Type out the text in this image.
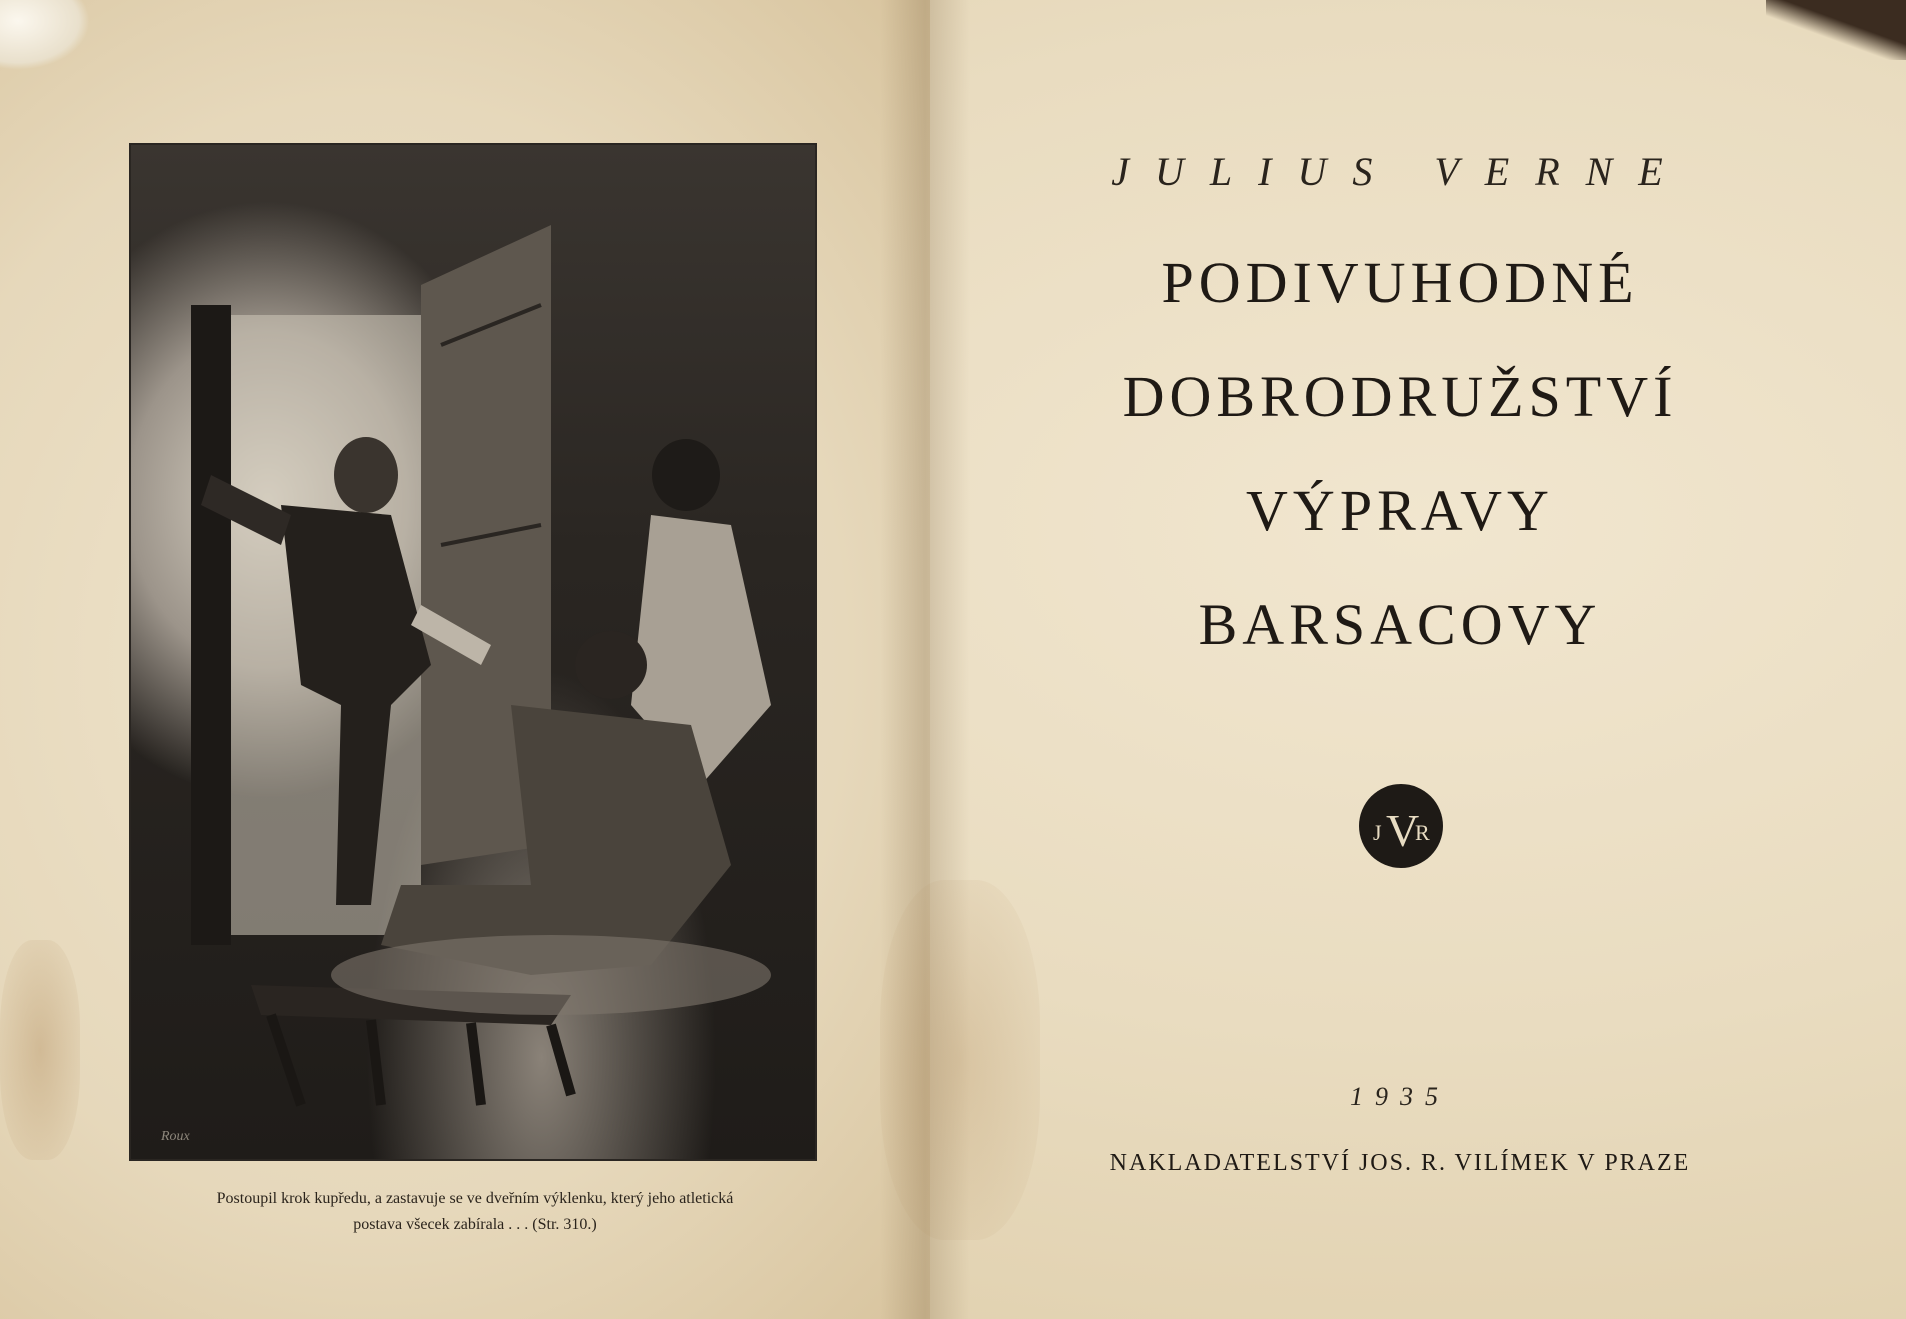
Roux
Postoupil krok kupředu, a zastavuje se ve dveřním výklenku, který jeho atletická
postava všecek zabírala . . . (Str. 310.)
JULIUS VERNE
PODIVUHODNÉ
DOBRODRUŽSTVÍ
VÝPRAVY
BARSACOVY
J V
R
1935
NAKLADATELSTVÍ JOS. R. VILÍMEK V PRAZE
